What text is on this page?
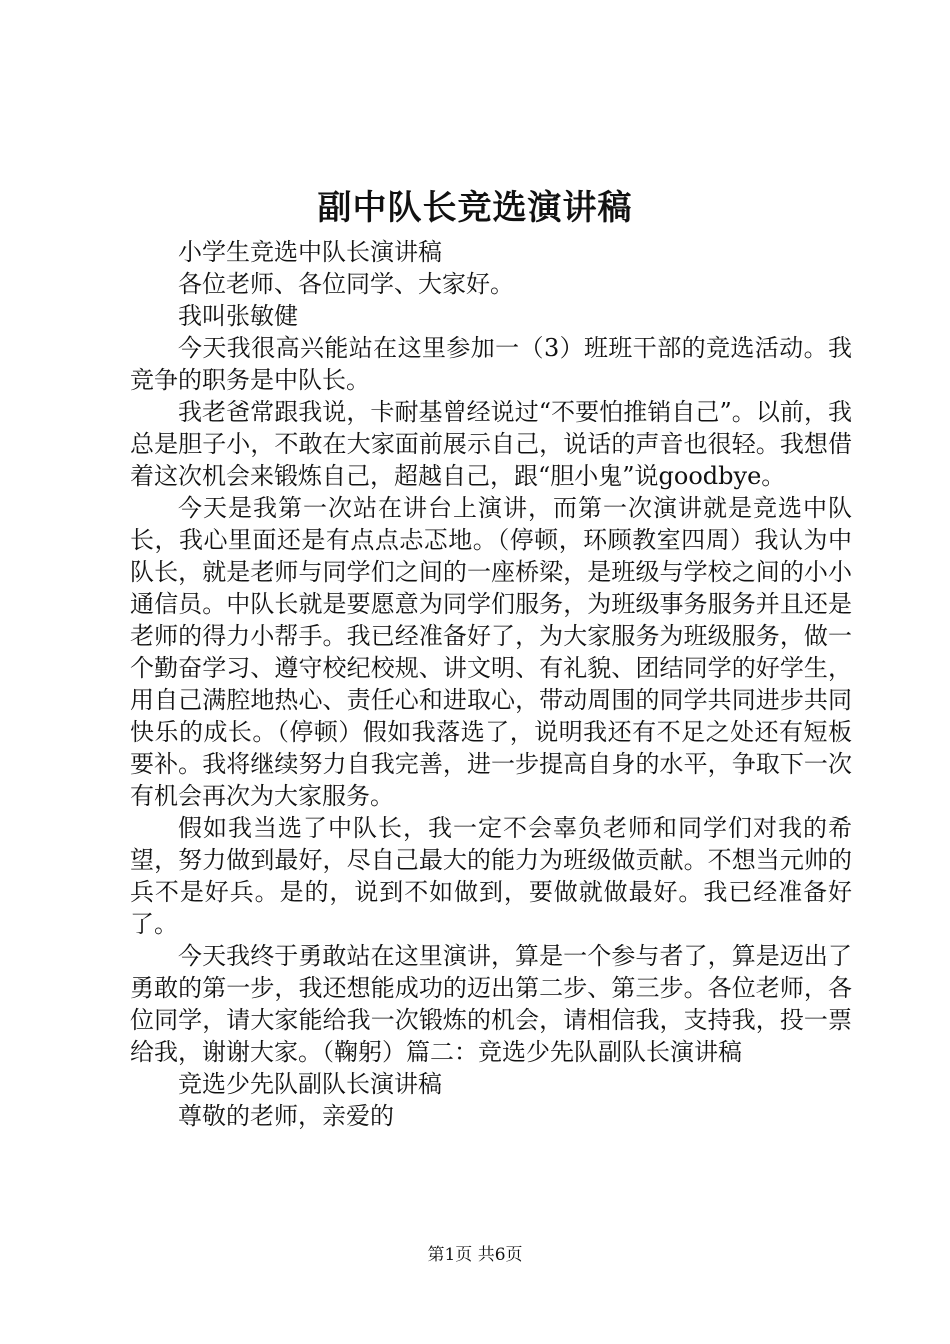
副中队长竞选演讲稿

小学生竞选中队长演讲稿

各位老师、各位同学、大家好。

我叫张敏健

今天我很高兴能站在这里参加一（3）班班干部的竞选活动。我竞争的职务是中队长。

我老爸常跟我说，卡耐基曾经说过“不要怕推销自己”。以前，我总是胆子小，不敢在大家面前展示自己，说话的声音也很轻。我想借着这次机会来锻炼自己，超越自己，跟“胆小鬼”说goodbye。

今天是我第一次站在讲台上演讲，而第一次演讲就是竞选中队长，我心里面还是有点点忐忑地。（停顿，环顾教室四周）我认为中队长，就是老师与同学们之间的一座桥梁，是班级与学校之间的小小通信员。中队长就是要愿意为同学们服务，为班级事务服务并且还是老师的得力小帮手。我已经准备好了，为大家服务为班级服务，做一个勤奋学习、遵守校纪校规、讲文明、有礼貌、团结同学的好学生，用自己满腔地热心、责任心和进取心，带动周围的同学共同进步共同快乐的成长。（停顿）假如我落选了，说明我还有不足之处还有短板要补。我将继续努力自我完善，进一步提高自身的水平，争取下一次有机会再次为大家服务。

假如我当选了中队长，我一定不会辜负老师和同学们对我的希望，努力做到最好，尽自己最大的能力为班级做贡献。不想当元帅的兵不是好兵。是的，说到不如做到，要做就做最好。我已经准备好了。

今天我终于勇敢站在这里演讲，算是一个参与者了，算是迈出了勇敢的第一步，我还想能成功的迈出第二步、第三步。各位老师，各位同学，请大家能给我一次锻炼的机会，请相信我，支持我，投一票给我，谢谢大家。（鞠躬）篇二：竞选少先队副队长演讲稿

竞选少先队副队长演讲稿

尊敬的老师，亲爱的

第1页 共6页
